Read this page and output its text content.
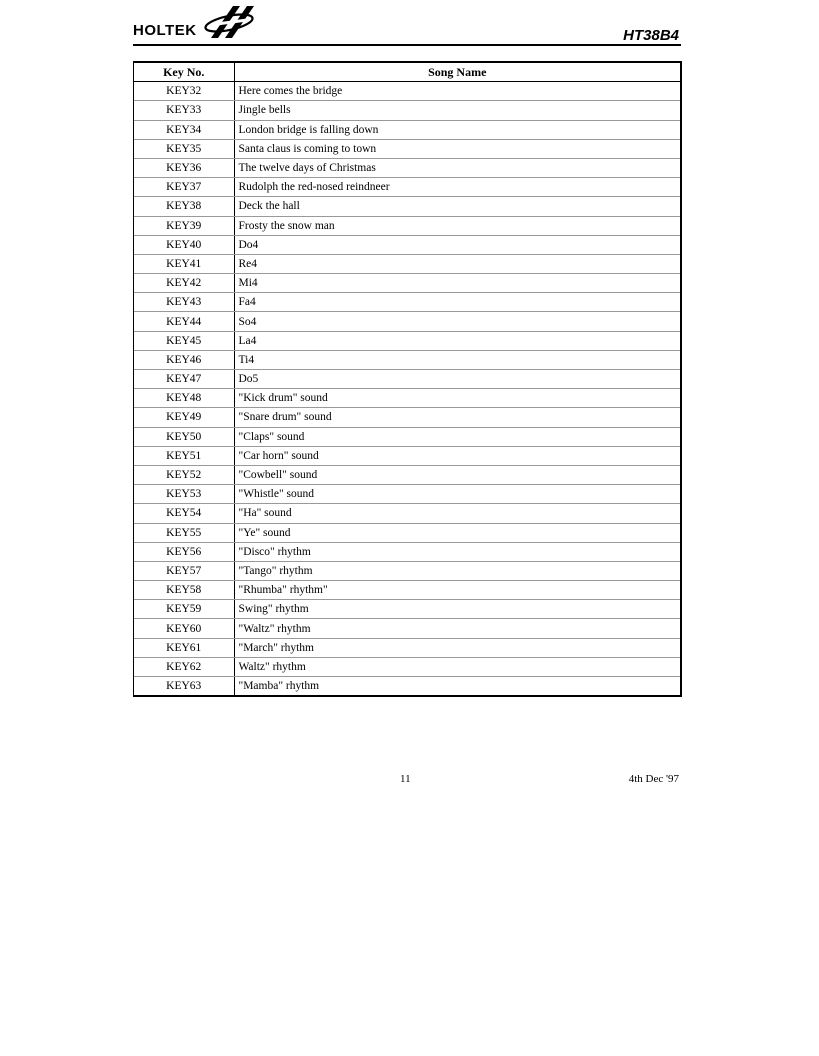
HOLTEK	HT38B4
Key No.	Song Name
KEY32	Here comes the bridge
KEY33	Jingle bells
KEY34	London bridge is falling down
KEY35	Santa claus is coming to town
KEY36	The twelve days of Christmas
KEY37	Rudolph the red-nosed reindneer
KEY38	Deck the hall
KEY39	Frosty the snow man
KEY40	Do4
KEY41	Re4
KEY42	Mi4
KEY43	Fa4
KEY44	So4
KEY45	La4
KEY46	Ti4
KEY47	Do5
KEY48	"Kick drum" sound
KEY49	"Snare drum" sound
KEY50	"Claps" sound
KEY51	"Car horn" sound
KEY52	"Cowbell" sound
KEY53	"Whistle" sound
KEY54	"Ha" sound
KEY55	"Ye" sound
KEY56	"Disco" rhythm
KEY57	"Tango" rhythm
KEY58	"Rhumba" rhythm"
KEY59	Swing" rhythm
KEY60	"Waltz" rhythm
KEY61	"March" rhythm
KEY62	Waltz" rhythm
KEY63	"Mamba" rhythm
11	4th Dec '97
